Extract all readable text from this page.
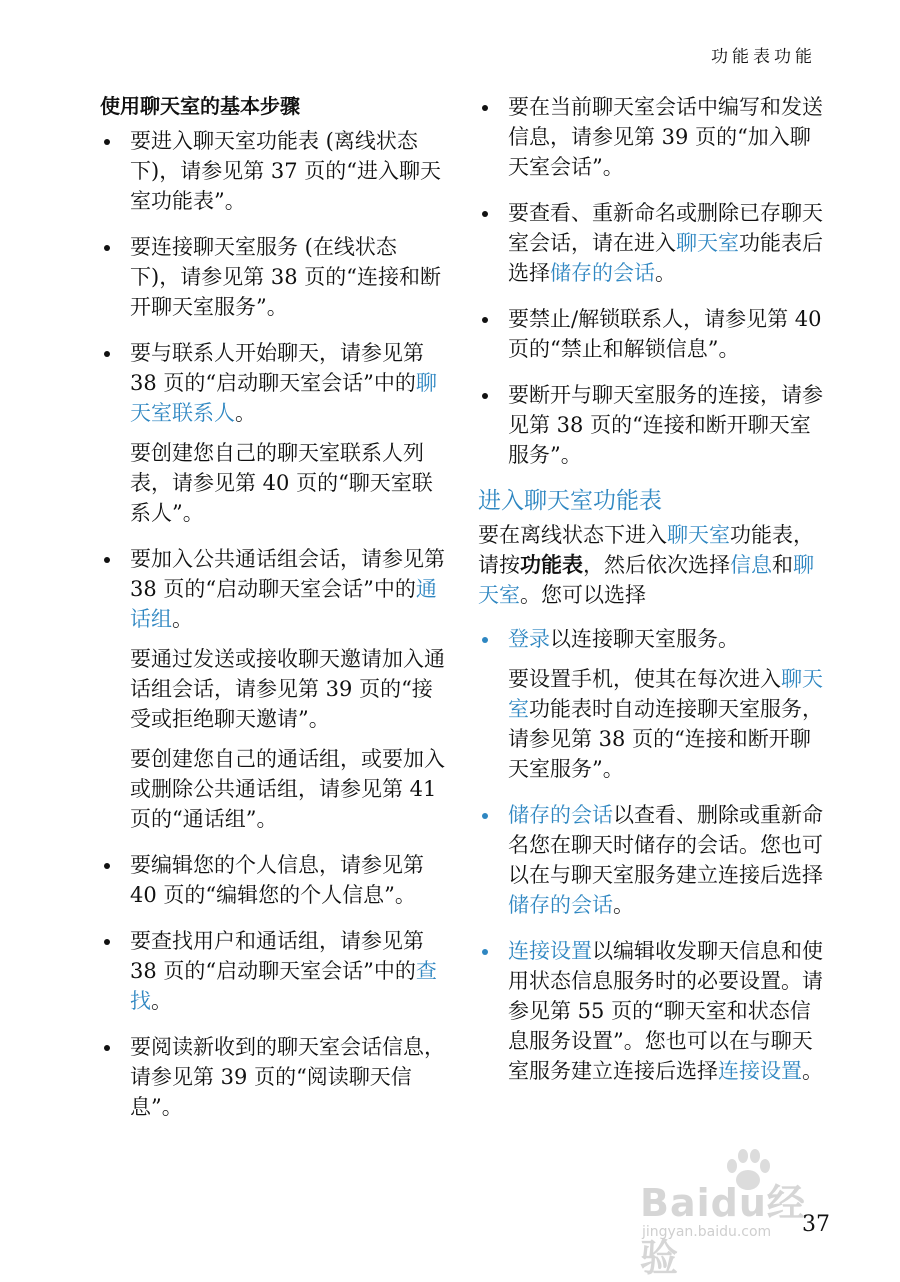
功能表功能
使用聊天室的基本步骤
要进入聊天室功能表 (离线状态下)，请参见第 37 页的“进入聊天室功能表”。
要连接聊天室服务 (在线状态下)，请参见第 38 页的“连接和断开聊天室服务”。
要与联系人开始聊天，请参见第 38 页的“启动聊天室会话”中的聊天室联系人。
要创建您自己的聊天室联系人列表，请参见第 40 页的“聊天室联系人”。
要加入公共通话组会话，请参见第 38 页的“启动聊天室会话”中的通话组。
要通过发送或接收聊天邀请加入通话组会话，请参见第 39 页的“接受或拒绝聊天邀请”。
要创建您自己的通话组，或要加入或删除公共通话组，请参见第 41 页的“通话组”。
要编辑您的个人信息，请参见第 40 页的“编辑您的个人信息”。
要查找用户和通话组，请参见第 38 页的“启动聊天室会话”中的查找。
要阅读新收到的聊天室会话信息，请参见第 39 页的“阅读聊天信息”。
要在当前聊天室会话中编写和发送信息，请参见第 39 页的“加入聊天室会话”。
要查看、重新命名或删除已存聊天室会话，请在进入聊天室功能表后选择储存的会话。
要禁止/解锁联系人，请参见第 40 页的“禁止和解锁信息”。
要断开与聊天室服务的连接，请参见第 38 页的“连接和断开聊天室服务”。
进入聊天室功能表
要在离线状态下进入聊天室功能表，请按功能表，然后依次选择信息和聊天室。您可以选择
登录以连接聊天室服务。
要设置手机，使其在每次进入聊天室功能表时自动连接聊天室服务，请参见第 38 页的“连接和断开聊天室服务”。
储存的会话以查看、删除或重新命名您在聊天时储存的会话。您也可以在与聊天室服务建立连接后选择储存的会话。
连接设置以编辑收发聊天信息和使用状态信息服务时的必要设置。请参见第 55 页的“聊天室和状态信息服务设置”。您也可以在与聊天室服务建立连接后选择连接设置。
Baidu经验
jingyan.baidu.com 37
